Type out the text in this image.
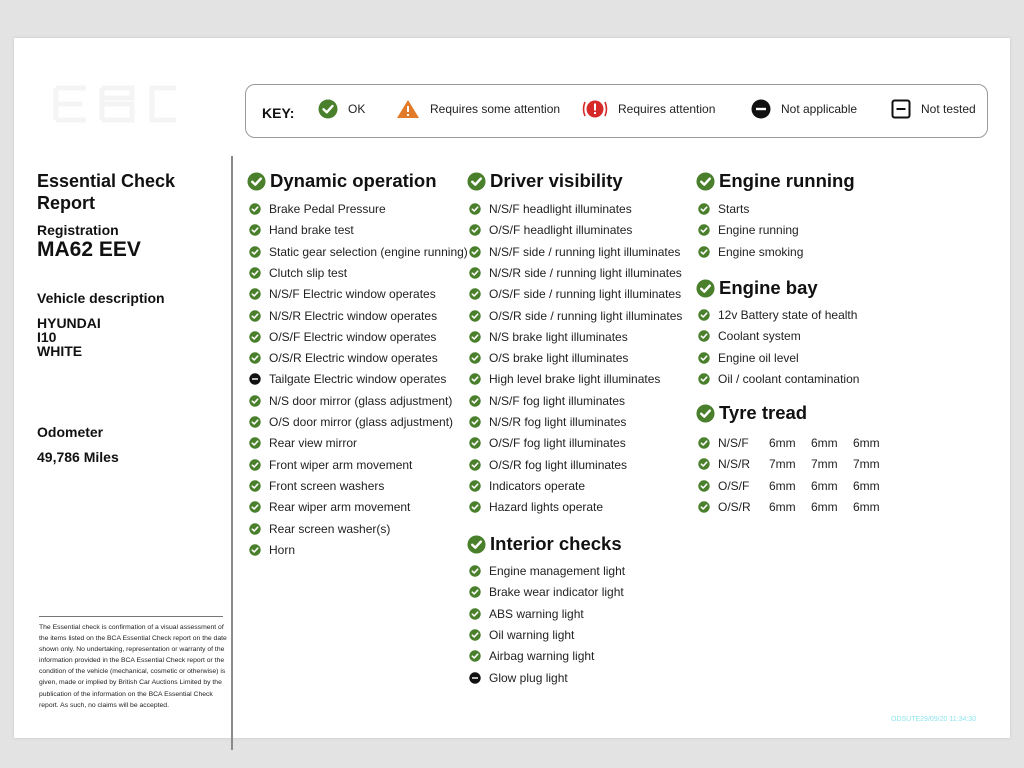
Essential Check Report
Registration
MA62 EEV
Vehicle description
HYUNDAI
I10
WHITE
Odometer
49,786 Miles
The Essential check is confirmation of a visual assessment of the items listed on the BCA Essential Check report on the date shown only. No undertaking, representation or warranty of the information provided in the BCA Essential Check report or the condition of the vehicle (mechanical, cosmetic or otherwise) is given, made or implied by British Car Auctions Limited by the publication of the information on the BCA Essential Check report. As such, no claims will be accepted.
KEY:	OK	Requires some attention	Requires attention	Not applicable	Not tested
Dynamic operation
Brake Pedal Pressure
Hand brake test
Static gear selection (engine running)
Clutch slip test
N/S/F Electric window operates
N/S/R Electric window operates
O/S/F Electric window operates
O/S/R Electric window operates
Tailgate Electric window operates
N/S door mirror (glass adjustment)
O/S door mirror (glass adjustment)
Rear view mirror
Front wiper arm movement
Front screen washers
Rear wiper arm movement
Rear screen washer(s)
Horn
Driver visibility
N/S/F headlight illuminates
O/S/F headlight illuminates
N/S/F side / running light illuminates
N/S/R side / running light illuminates
O/S/F side / running light illuminates
O/S/R side / running light illuminates
N/S brake light illuminates
O/S brake light illuminates
High level brake light illuminates
N/S/F fog light illuminates
N/S/R fog light illuminates
O/S/F fog light illuminates
O/S/R fog light illuminates
Indicators operate
Hazard lights operate
Interior checks
Engine management light
Brake wear indicator light
ABS warning light
Oil warning light
Airbag warning light
Glow plug light
Engine running
Starts
Engine running
Engine smoking
Engine bay
12v Battery state of health
Coolant system
Engine oil level
Oil / coolant contamination
Tyre tread
N/S/F 6mm 6mm 6mm
N/S/R 7mm 7mm 7mm
O/S/F 6mm 6mm 6mm
O/S/R 6mm 6mm 6mm
ODSUTE29/09/20 11:34:30
